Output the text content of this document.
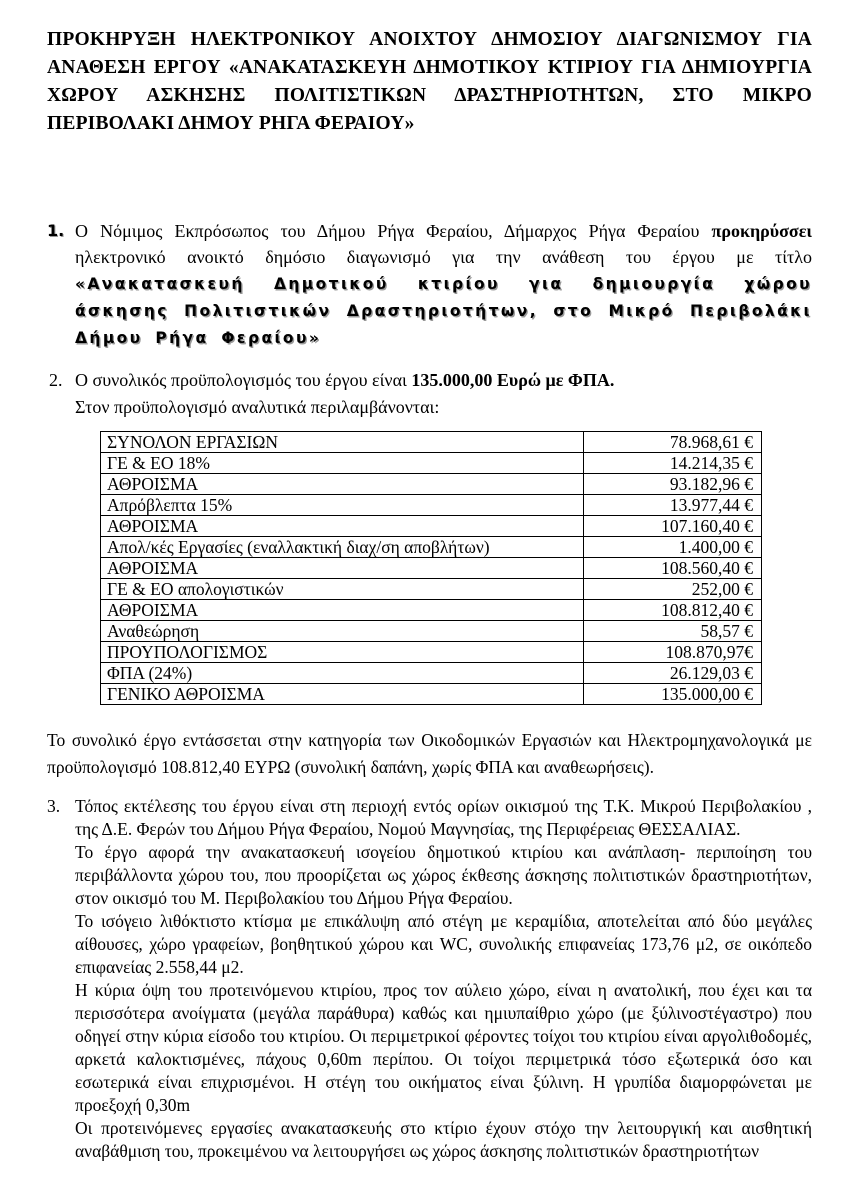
ΠΡΟΚΗΡΥΞΗ ΗΛΕΚΤΡΟΝΙΚΟΥ ΑΝΟΙΧΤΟΥ ΔΗΜΟΣΙΟΥ ΔΙΑΓΩΝΙΣΜΟΥ ΓΙΑ ΑΝΑΘΕΣΗ ΕΡΓΟΥ «ΑΝΑΚΑΤΑΣΚΕΥΗ ΔΗΜΟΤΙΚΟΥ ΚΤΙΡΙΟΥ ΓΙΑ ΔΗΜΙΟΥΡΓΙΑ ΧΩΡΟΥ ΑΣΚΗΣΗΣ ΠΟΛΙΤΙΣΤΙΚΩΝ ΔΡΑΣΤΗΡΙΟΤΗΤΩΝ, ΣΤΟ ΜΙΚΡΟ ΠΕΡΙΒΟΛΑΚΙ ΔΗΜΟΥ ΡΗΓΑ ΦΕΡΑΙΟΥ»
1. Ο Νόμιμος Εκπρόσωπος του Δήμου Ρήγα Φεραίου, Δήμαρχος Ρήγα Φεραίου προκηρύσσει ηλεκτρονικό ανοικτό δημόσιο διαγωνισμό για την ανάθεση του έργου με τίτλο «Ανακατασκευή Δημοτικού κτιρίου για δημιουργία χώρου άσκησης Πολιτιστικών Δραστηριοτήτων, στο Μικρό Περιβολάκι Δήμου Ρήγα Φεραίου»
2. Ο συνολικός προϋπολογισμός του έργου είναι 135.000,00 Ευρώ με ΦΠΑ.
Στον προϋπολογισμό αναλυτικά περιλαμβάνονται:
ΣΥΝΟΛΟΝ ΕΡΓΑΣΙΩΝ	78.968,61 €
ΓΕ & ΕΟ 18%	14.214,35 €
ΑΘΡΟΙΣΜΑ	93.182,96 €
Απρόβλεπτα 15%	13.977,44 €
ΑΘΡΟΙΣΜΑ	107.160,40 €
Απολ/κές Εργασίες (εναλλακτική διαχ/ση αποβλήτων)	1.400,00 €
ΑΘΡΟΙΣΜΑ	108.560,40 €
ΓΕ & ΕΟ απολογιστικών	252,00 €
ΑΘΡΟΙΣΜΑ	108.812,40 €
Αναθεώρηση	58,57 €
ΠΡΟΥΠΟΛΟΓΙΣΜΟΣ	108.870,97€
ΦΠΑ (24%)	26.129,03 €
ΓΕΝΙΚΟ ΑΘΡΟΙΣΜΑ	135.000,00 €
Το συνολικό έργο εντάσσεται στην κατηγορία των Οικοδομικών Εργασιών και Ηλεκτρομηχανολογικά με προϋπολογισμό 108.812,40 ΕΥΡΩ (συνολική δαπάνη, χωρίς ΦΠΑ και αναθεωρήσεις).
3. Τόπος εκτέλεσης του έργου είναι στη περιοχή εντός ορίων οικισμού της Τ.Κ. Μικρού Περιβολακίου , της Δ.Ε. Φερών του Δήμου Ρήγα Φεραίου, Νομού Μαγνησίας, της Περιφέρειας ΘΕΣΣΑΛΙΑΣ.

Το έργο αφορά την ανακατασκευή ισογείου δημοτικού κτιρίου και ανάπλαση- περιποίηση του περιβάλλοντα χώρου του, που προορίζεται ως χώρος έκθεσης άσκησης πολιτιστικών δραστηριοτήτων, στον οικισμό του Μ. Περιβολακίου του Δήμου Ρήγα Φεραίου.

Το ισόγειο λιθόκτιστο κτίσμα με επικάλυψη από στέγη με κεραμίδια, αποτελείται από δύο μεγάλες αίθουσες, χώρο γραφείων, βοηθητικού χώρου και WC, συνολικής επιφανείας 173,76 μ2, σε οικόπεδο επιφανείας 2.558,44 μ2.

Η κύρια όψη του προτεινόμενου κτιρίου, προς τον αύλειο χώρο, είναι η ανατολική, που έχει και τα περισσότερα ανοίγματα (μεγάλα παράθυρα) καθώς και ημιυπαίθριο χώρο (με ξύλινοστέγαστρο) που οδηγεί στην κύρια είσοδο του κτιρίου. Οι περιμετρικοί φέροντες τοίχοι του κτιρίου είναι αργολιθοδομές, αρκετά καλοκτισμένες, πάχους 0,60m περίπου. Οι τοίχοι περιμετρικά τόσο εξωτερικά όσο και εσωτερικά είναι επιχρισμένοι. Η στέγη του οικήματος είναι ξύλινη. Η γρυπίδα διαμορφώνεται με προεξοχή 0,30m

Οι προτεινόμενες εργασίες ανακατασκευής στο κτίριο έχουν στόχο την λειτουργική και αισθητική αναβάθμιση του, προκειμένου να λειτουργήσει ως χώρος άσκησης πολιτιστικών δραστηριοτήτων
